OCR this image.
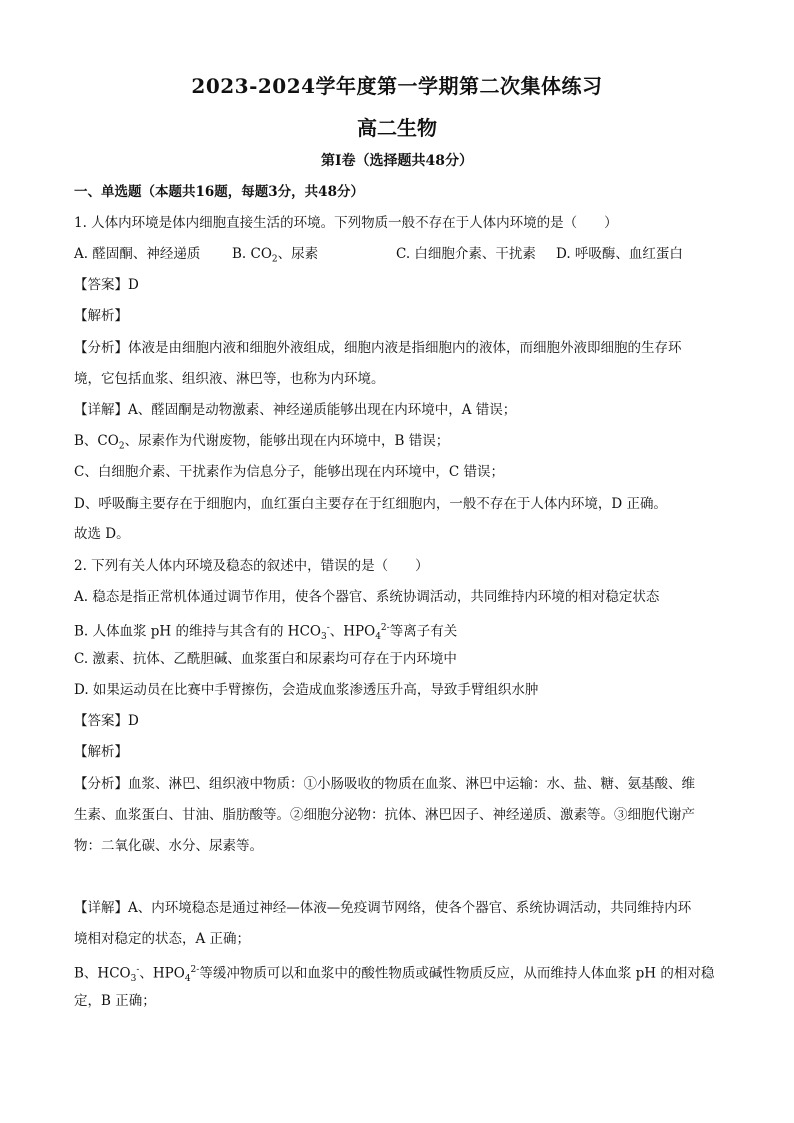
2023-2024学年度第一学期第二次集体练习
高二生物
第I卷（选择题共48分）
一、单选题（本题共16题，每题3分，共48分）
1. 人体内环境是体内细胞直接生活的环境。下列物质一般不存在于人体内环境的是（　　）
A. 醛固酮、神经递质 B. $CO_2$、尿素	C. 白细胞介素、干扰素 D. 呼吸酶、血红蛋白
【答案】D
【解析】
【分析】体液是由细胞内液和细胞外液组成，细胞内液是指细胞内的液体，而细胞外液即细胞的生存环
境，它包括血浆、组织液、淋巴等，也称为内环境。
【详解】A、醛固酮是动物激素、神经递质能够出现在内环境中，A 错误；
B、$CO_2$、尿素作为代谢废物，能够出现在内环境中，B 错误；
C、白细胞介素、干扰素作为信息分子，能够出现在内环境中，C 错误；
D、呼吸酶主要存在于细胞内，血红蛋白主要存在于红细胞内，一般不存在于人体内环境，D 正确。
故选 D。
2. 下列有关人体内环境及稳态的叙述中，错误的是（　　）
A. 稳态是指正常机体通过调节作用，使各个器官、系统协调活动，共同维持内环境的相对稳定状态
B. 人体血浆 pH 的维持与其含有的 $HCO_3^-$、$HPO_4^{2-}$等离子有关
C. 激素、抗体、乙酰胆碱、血浆蛋白和尿素均可存在于内环境中
D. 如果运动员在比赛中手臂擦伤，会造成血浆渗透压升高，导致手臂组织水肿
【答案】D
【解析】
【分析】血浆、淋巴、组织液中物质：①小肠吸收的物质在血浆、淋巴中运输：水、盐、糖、氨基酸、维
生素、血浆蛋白、甘油、脂肪酸等。②细胞分泌物：抗体、淋巴因子、神经递质、激素等。③细胞代谢产
物：二氧化碳、水分、尿素等。
【详解】A、内环境稳态是通过神经—体液—免疫调节网络，使各个器官、系统协调活动，共同维持内环
境相对稳定的状态，A 正确；
B、$HCO_3^-$、$HPO_4^{2-}$等缓冲物质可以和血浆中的酸性物质或碱性物质反应，从而维持人体血浆 pH 的相对稳
定，B 正确；
